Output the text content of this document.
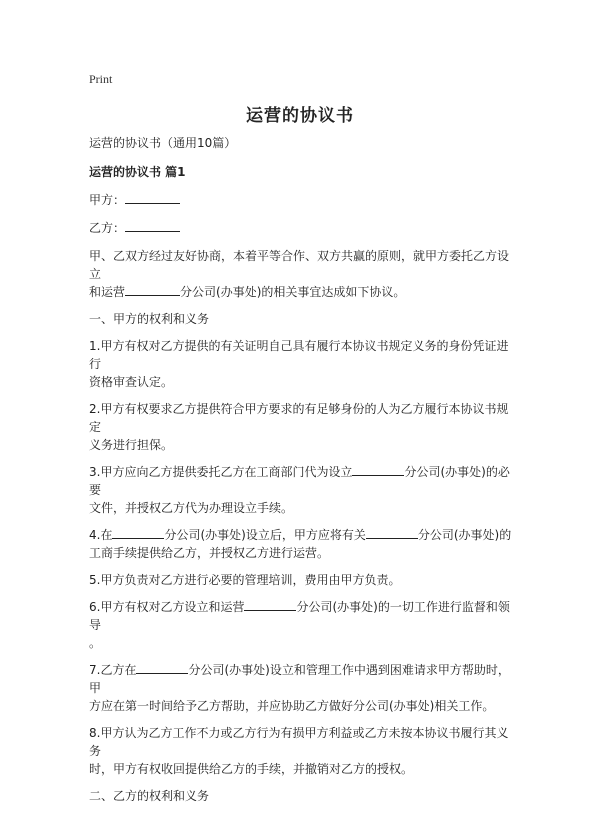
Print
运营的协议书

运营的协议书（通用10篇）

运营的协议书 篇1

甲方：

乙方：

甲、乙双方经过友好协商，本着平等合作、双方共赢的原则，就甲方委托乙方设立
和运营	分公司(办事处)的相关事宜达成如下协议。

一、甲方的权利和义务

1.甲方有权对乙方提供的有关证明自己具有履行本协议书规定义务的身份凭证进行
资格审查认定。

2.甲方有权要求乙方提供符合甲方要求的有足够身份的人为乙方履行本协议书规定
义务进行担保。

3.甲方应向乙方提供委托乙方在工商部门代为设立	分公司(办事处)的必要
文件，并授权乙方代为办理设立手续。

4.在	分公司(办事处)设立后，甲方应将有关	分公司(办事处)的
工商手续提供给乙方，并授权乙方进行运营。

5.甲方负责对乙方进行必要的管理培训，费用由甲方负责。

6.甲方有权对乙方设立和运营	分公司(办事处)的一切工作进行监督和领导
。

7.乙方在	分公司(办事处)设立和管理工作中遇到困难请求甲方帮助时，甲
方应在第一时间给予乙方帮助，并应协助乙方做好分公司(办事处)相关工作。

8.甲方认为乙方工作不力或乙方行为有损甲方利益或乙方未按本协议书履行其义务
时，甲方有权收回提供给乙方的手续，并撤销对乙方的授权。

二、乙方的权利和义务
